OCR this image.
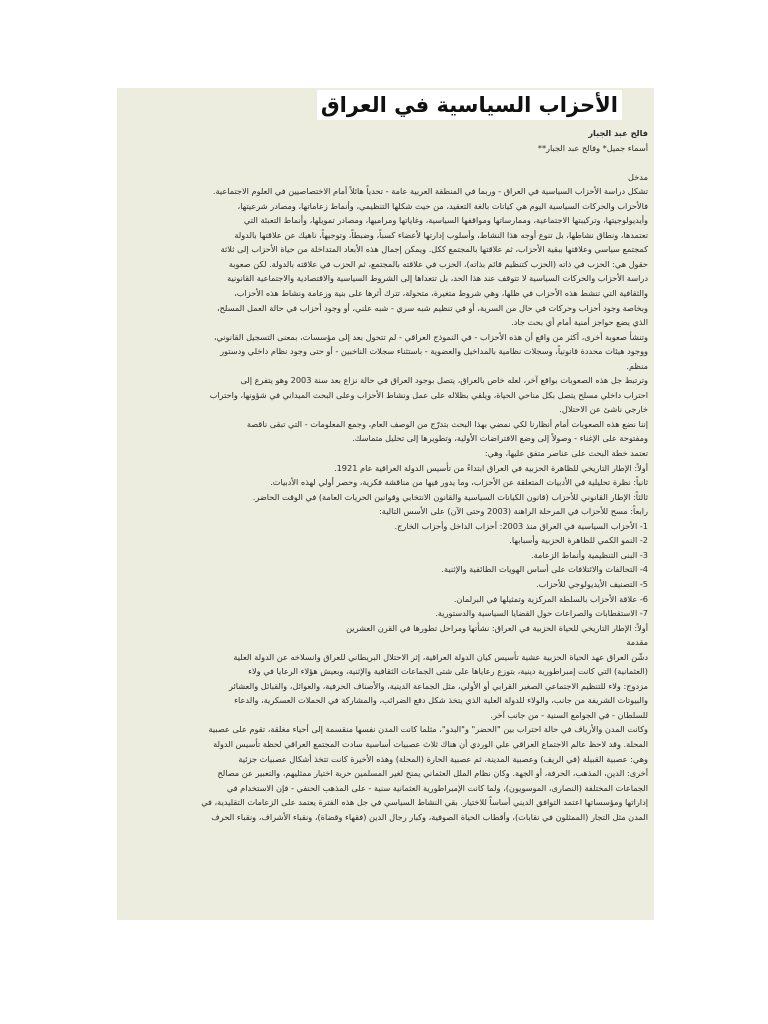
الأحزاب السياسية في العراق
فالح عبد الجبار
أسماء جميل* وفالح عبد الجبار**
مدخل
تشكل دراسة الأحزاب السياسية في العراق - وربما في المنطقة العربية عامة - تحدياً هائلاً أمام الاختصاصيين في العلوم الاجتماعية.
فالأحزاب والحركات السياسية اليوم هي كيانات بالغة التعقيد، من حيث شكلها التنظيمي، وأنماط زعاماتها، ومصادر شرعيتها،
وأيديولوجيتها، وتركيبتها الاجتماعية، وممارساتها ومواقفها السياسية، وغاياتها ومراميها، ومصادر تمويلها، وأنماط التعبئة التي
تعتمدها، ونطاق نشاطها، بل تنوع أوجه هذا النشاط، وأسلوب إدارتها لأعضاء كسباً، وضبطاً، وتوجيهاً، ناهيك عن علاقتها بالدولة
كمجتمع سياسي وعلاقتها ببقية الأحزاب، ثم علاقتها بالمجتمع ككل. ويمكن إجمال هذه الأبعاد المتداخلة من حياة الأحزاب إلى ثلاثة
حقول هي: الحزب في ذاته (الحزب كتنظيم قائم بذاته)، الحزب في علاقته بالمجتمع، ثم الحزب في علاقته بالدولة. لكن صعوبة
دراسة الأحزاب والحركات السياسية لا تتوقف عند هذا الحد، بل تتعداها إلى الشروط السياسية والاقتصادية والاجتماعية القانونية
والثقافية التي تنشط هذه الأحزاب في ظلها، وهي شروط متغيرة، متحولة، تترك أثرها على بنية وزعامة ونشاط هذه الأحزاب،
وبخاصة وجود أحزاب وحركات في حال من السرية، أو في تنظيم شبه سري - شبه علني، أو وجود أحزاب في حالة العمل المسلح،
الذي يضع حواجز أمنية أمام أي بحث جاد.
وتنشأ صعوبة أخرى، أكثر من واقع أن هذه الأحزاب - في النموذج العراقي - لم تتحول بعد إلى مؤسسات، بمعنى التسجيل القانوني،
ووجود هيئات محددة قانونياً، وسجلات نظامية بالمداخيل والعضوية - باستثناء سجلات الناخبين - أو حتى وجود نظام داخلي ودستور
منظم.
وترتبط جل هذه الصعوبات بواقع آخر، لعله خاص بالعراق، يتصل بوجود العراق في حالة نزاع بعد سنة 2003 وهو يتفرع إلى
احتراب داخلي مسلح يتصل بكل مناحي الحياة، ويلقي بظلاله على عمل ونشاط الأحزاب وعلى البحث الميداني في شؤونها، واحتراب
خارجي ناشئ عن الاحتلال.
إننا نضع هذه الصعوبات أمام أنظارنا لكي نمضي بهذا البحث بتدرّج من الوصف العام، وجمع المعلومات - التي تبقى ناقصة
ومفتوحة على الإغناء - وصولاً إلى وضع الافتراضات الأولية، وتطويرها إلى تحليل متماسك.
تعتمد خطة البحث على عناصر متفق عليها، وهي:
أولاً: الإطار التاريخي للظاهرة الحزبية في العراق ابتداءً من تأسيس الدولة العراقية عام 1921.
ثانياً: نظرة تحليلية في الأدبيات المتعلقة عن الأحزاب، وما يدور فيها من مناقشة فكرية، وحصر أولي لهذه الأدبيات.
ثالثاً: الإطار القانوني للأحزاب (قانون الكيانات السياسية والقانون الانتخابي وقوانين الحريات العامة) في الوقت الحاضر.
رابعاً: مسح للأحزاب في المرحلة الراهنة (2003 وحتى الآن) على الأسس التالية:
1- الأحزاب السياسية في العراق منذ 2003: أحزاب الداخل وأحزاب الخارج.
2- النمو الكمي للظاهرة الحزبية وأسبابها.
3- البنى التنظيمية وأنماط الزعامة.
4- التحالفات والائتلافات على أساس الهويات الطائفية والإثنية.
5- التصنيف الأيديولوجي للأحزاب.
6- علاقة الأحزاب بالسلطة المركزية وتمثيلها في البرلمان.
7- الاستقطابات والصراعات حول القضايا السياسية والدستورية.
أولاً: الإطار التاريخي للحياة الحزبية في العراق: نشأتها ومراحل تطورها في القرن العشرين
مقدمة
دشّن العراق عهد الحياة الحزبية عشية تأسيس كيان الدولة العراقية، إثر الاحتلال البريطاني للعراق وانسلاخه عن الدولة العلية
(العثمانية) التي كانت إمبراطورية دينية، بتوزع رعاياها على شتى الجماعات الثقافية والإثنية، وبعيش هؤلاء الرعايا في ولاء
مزدوج: ولاء للتنظيم الاجتماعي الصغير القرابي أو الأولي، مثل الجماعة الدينية، والأصناف الحرفية، والعوائل، والقبائل والعشائر
والبيوتات الشريفة من جانب، والولاء للدولة العلية الذي يتخذ شكل دفع الضرائب، والمشاركة في الحملات العسكرية، والدعاء
للسلطان - في الجوامع السنية - من جانب آخر.
وكانت المدن والأرياف في حالة احتراب بين "الحضر" و"البدو"، مثلما كانت المدن نفسها منقسمة إلى أحياء مغلقة، تقوم على عصبية
المحلة. وقد لاحظ عالم الاجتماع العراقي علي الوردي أن هناك ثلاث عصبيات أساسية سادت المجتمع العراقي لحظة تأسيس الدولة
وهي: عصبية القبيلة (في الريف) وعصبية المدينة، ثم عصبية الحارة (المحلة) وهذه الأخيرة كانت تتخذ أشكال عصبيات جزئية
أخرى: الدين، المذهب، الحرفة، أو الجهة. وكان نظام الملل العثماني يمنح لغير المسلمين حرية اختيار ممثليهم، والتعبير عن مصالح
الجماعات المختلفة (النصارى، الموسويون)، ولما كانت الإمبراطورية العثمانية سنية - على المذهب الحنفي - فإن الاستخدام في
إداراتها ومؤسساتها اعتمد التوافق الديني أساساً للاختيار. بقي النشاط السياسي في جل هذه الفترة يعتمد على الزعامات التقليدية، في
المدن مثل التجار (الممثلون في نقابات)، وأقطاب الحياة الصوفية، وكبار رجال الدين (فقهاء وقضاة)، ونقباء الأشراف، ونقباء الحرف
